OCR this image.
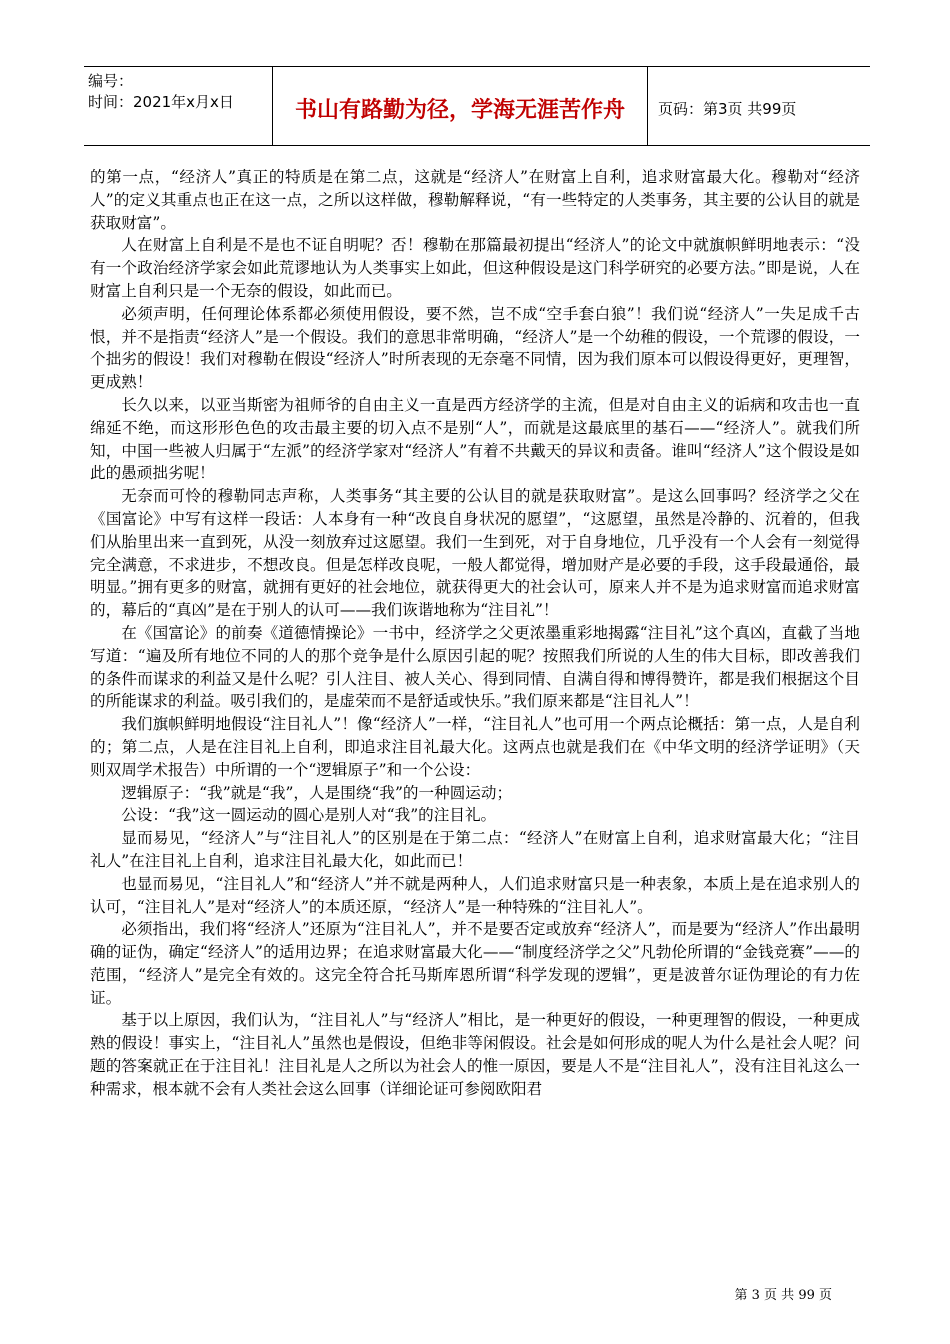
编号：
时间：2021年x月x日	书山有路勤为径，学海无涯苦作舟	页码：第3页 共99页

的第一点，“经济人”真正的特质是在第二点，这就是“经济人”在财富上自利，追求财富最大化。穆勒对“经济人”的定义其重点也正在这一点，之所以这样做，穆勒解释说，“有一些特定的人类事务，其主要的公认目的就是获取财富”。

人在财富上自利是不是也不证自明呢？否！穆勒在那篇最初提出“经济人”的论文中就旗帜鲜明地表示：“没有一个政治经济学家会如此荒谬地认为人类事实上如此，但这种假设是这门科学研究的必要方法。”即是说，人在财富上自利只是一个无奈的假设，如此而已。

必须声明，任何理论体系都必须使用假设，要不然，岂不成“空手套白狼”！我们说“经济人”一失足成千古恨，并不是指责“经济人”是一个假设。我们的意思非常明确，“经济人”是一个幼稚的假设，一个荒谬的假设，一个拙劣的假设！我们对穆勒在假设“经济人”时所表现的无奈毫不同情，因为我们原本可以假设得更好，更理智，更成熟！

长久以来，以亚当斯密为祖师爷的自由主义一直是西方经济学的主流，但是对自由主义的诟病和攻击也一直绵延不绝，而这形形色色的攻击最主要的切入点不是别“人”，而就是这最底里的基石——“经济人”。就我们所知，中国一些被人归属于“左派”的经济学家对“经济人”有着不共戴天的异议和责备。谁叫“经济人”这个假设是如此的愚顽拙劣呢！

无奈而可怜的穆勒同志声称，人类事务“其主要的公认目的就是获取财富”。是这么回事吗？经济学之父在《国富论》中写有这样一段话：人本身有一种“改良自身状况的愿望”，“这愿望，虽然是冷静的、沉着的，但我们从胎里出来一直到死，从没一刻放弃过这愿望。我们一生到死，对于自身地位，几乎没有一个人会有一刻觉得完全满意，不求进步，不想改良。但是怎样改良呢，一般人都觉得，增加财产是必要的手段，这手段最通俗，最明显。”拥有更多的财富，就拥有更好的社会地位，就获得更大的社会认可，原来人并不是为追求财富而追求财富的，幕后的“真凶”是在于别人的认可——我们诙谐地称为“注目礼”！

在《国富论》的前奏《道德情操论》一书中，经济学之父更浓墨重彩地揭露“注目礼”这个真凶，直截了当地写道：“遍及所有地位不同的人的那个竞争是什么原因引起的呢？按照我们所说的人生的伟大目标，即改善我们的条件而谋求的利益又是什么呢？引人注目、被人关心、得到同情、自满自得和博得赞许，都是我们根据这个目的所能谋求的利益。吸引我们的，是虚荣而不是舒适或快乐。”我们原来都是“注目礼人”！

我们旗帜鲜明地假设“注目礼人”！像“经济人”一样，“注目礼人”也可用一个两点论概括：第一点，人是自利的；第二点，人是在注目礼上自利，即追求注目礼最大化。这两点也就是我们在《中华文明的经济学证明》（天则双周学术报告）中所谓的一个“逻辑原子”和一个公设：

逻辑原子：“我”就是“我”，人是围绕“我”的一种圆运动；

公设：“我”这一圆运动的圆心是别人对“我”的注目礼。

显而易见，“经济人”与“注目礼人”的区别是在于第二点：“经济人”在财富上自利，追求财富最大化；“注目礼人”在注目礼上自利，追求注目礼最大化，如此而已！

也显而易见，“注目礼人”和“经济人”并不就是两种人，人们追求财富只是一种表象，本质上是在追求别人的认可，“注目礼人”是对“经济人”的本质还原，“经济人”是一种特殊的“注目礼人”。

必须指出，我们将“经济人”还原为“注目礼人”，并不是要否定或放弃“经济人”，而是要为“经济人”作出最明确的证伪，确定“经济人”的适用边界；在追求财富最大化——“制度经济学之父”凡勃伦所谓的“金钱竞赛”——的范围，“经济人”是完全有效的。这完全符合托马斯库恩所谓“科学发现的逻辑”，更是波普尔证伪理论的有力佐证。

基于以上原因，我们认为，“注目礼人”与“经济人”相比，是一种更好的假设，一种更理智的假设，一种更成熟的假设！事实上，“注目礼人”虽然也是假设，但绝非等闲假设。社会是如何形成的呢人为什么是社会人呢？问题的答案就正在于注目礼！注目礼是人之所以为社会人的惟一原因，要是人不是“注目礼人”，没有注目礼这么一种需求，根本就不会有人类社会这么回事（详细论证可参阅欧阳君

第 3 页 共 99 页
